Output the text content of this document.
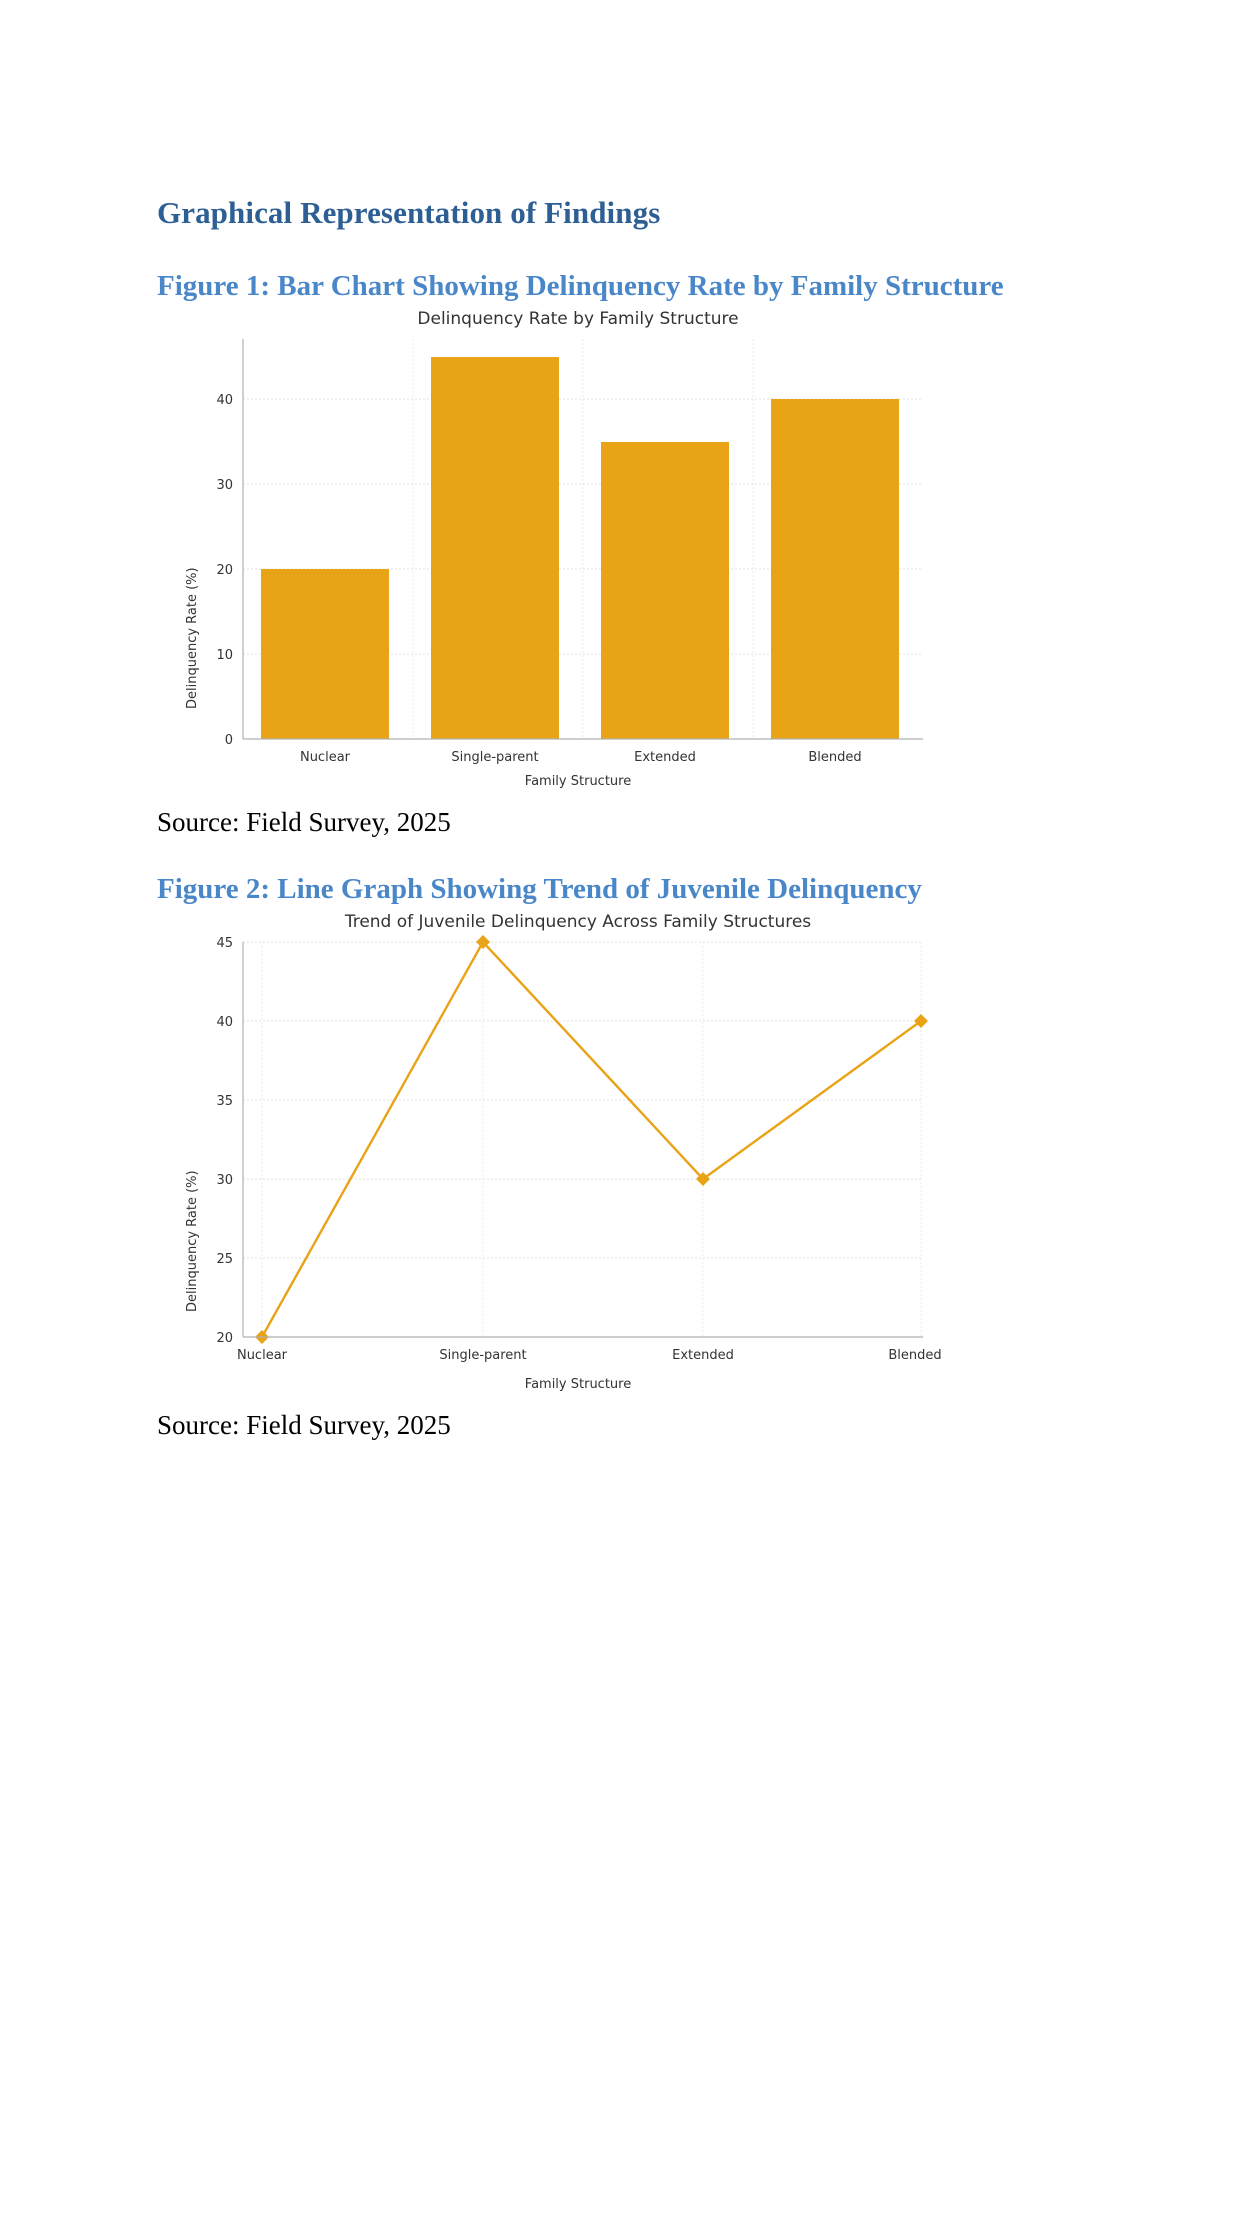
Graphical Representation of Findings
Figure 1: Bar Chart Showing Delinquency Rate by Family Structure
Delinquency Rate by Family Structure
Delinquency Rate (%)
Family Structure
0
10
20
30
40
Nuclear	Single-parent	Extended	Blended
Source: Field Survey, 2025
Figure 2: Line Graph Showing Trend of Juvenile Delinquency
Trend of Juvenile Delinquency Across Family Structures
Delinquency Rate (%)
Family Structure
45
40
35
30
25
20
Nuclear	Single-parent	Extended	Blended
Source: Field Survey, 2025
